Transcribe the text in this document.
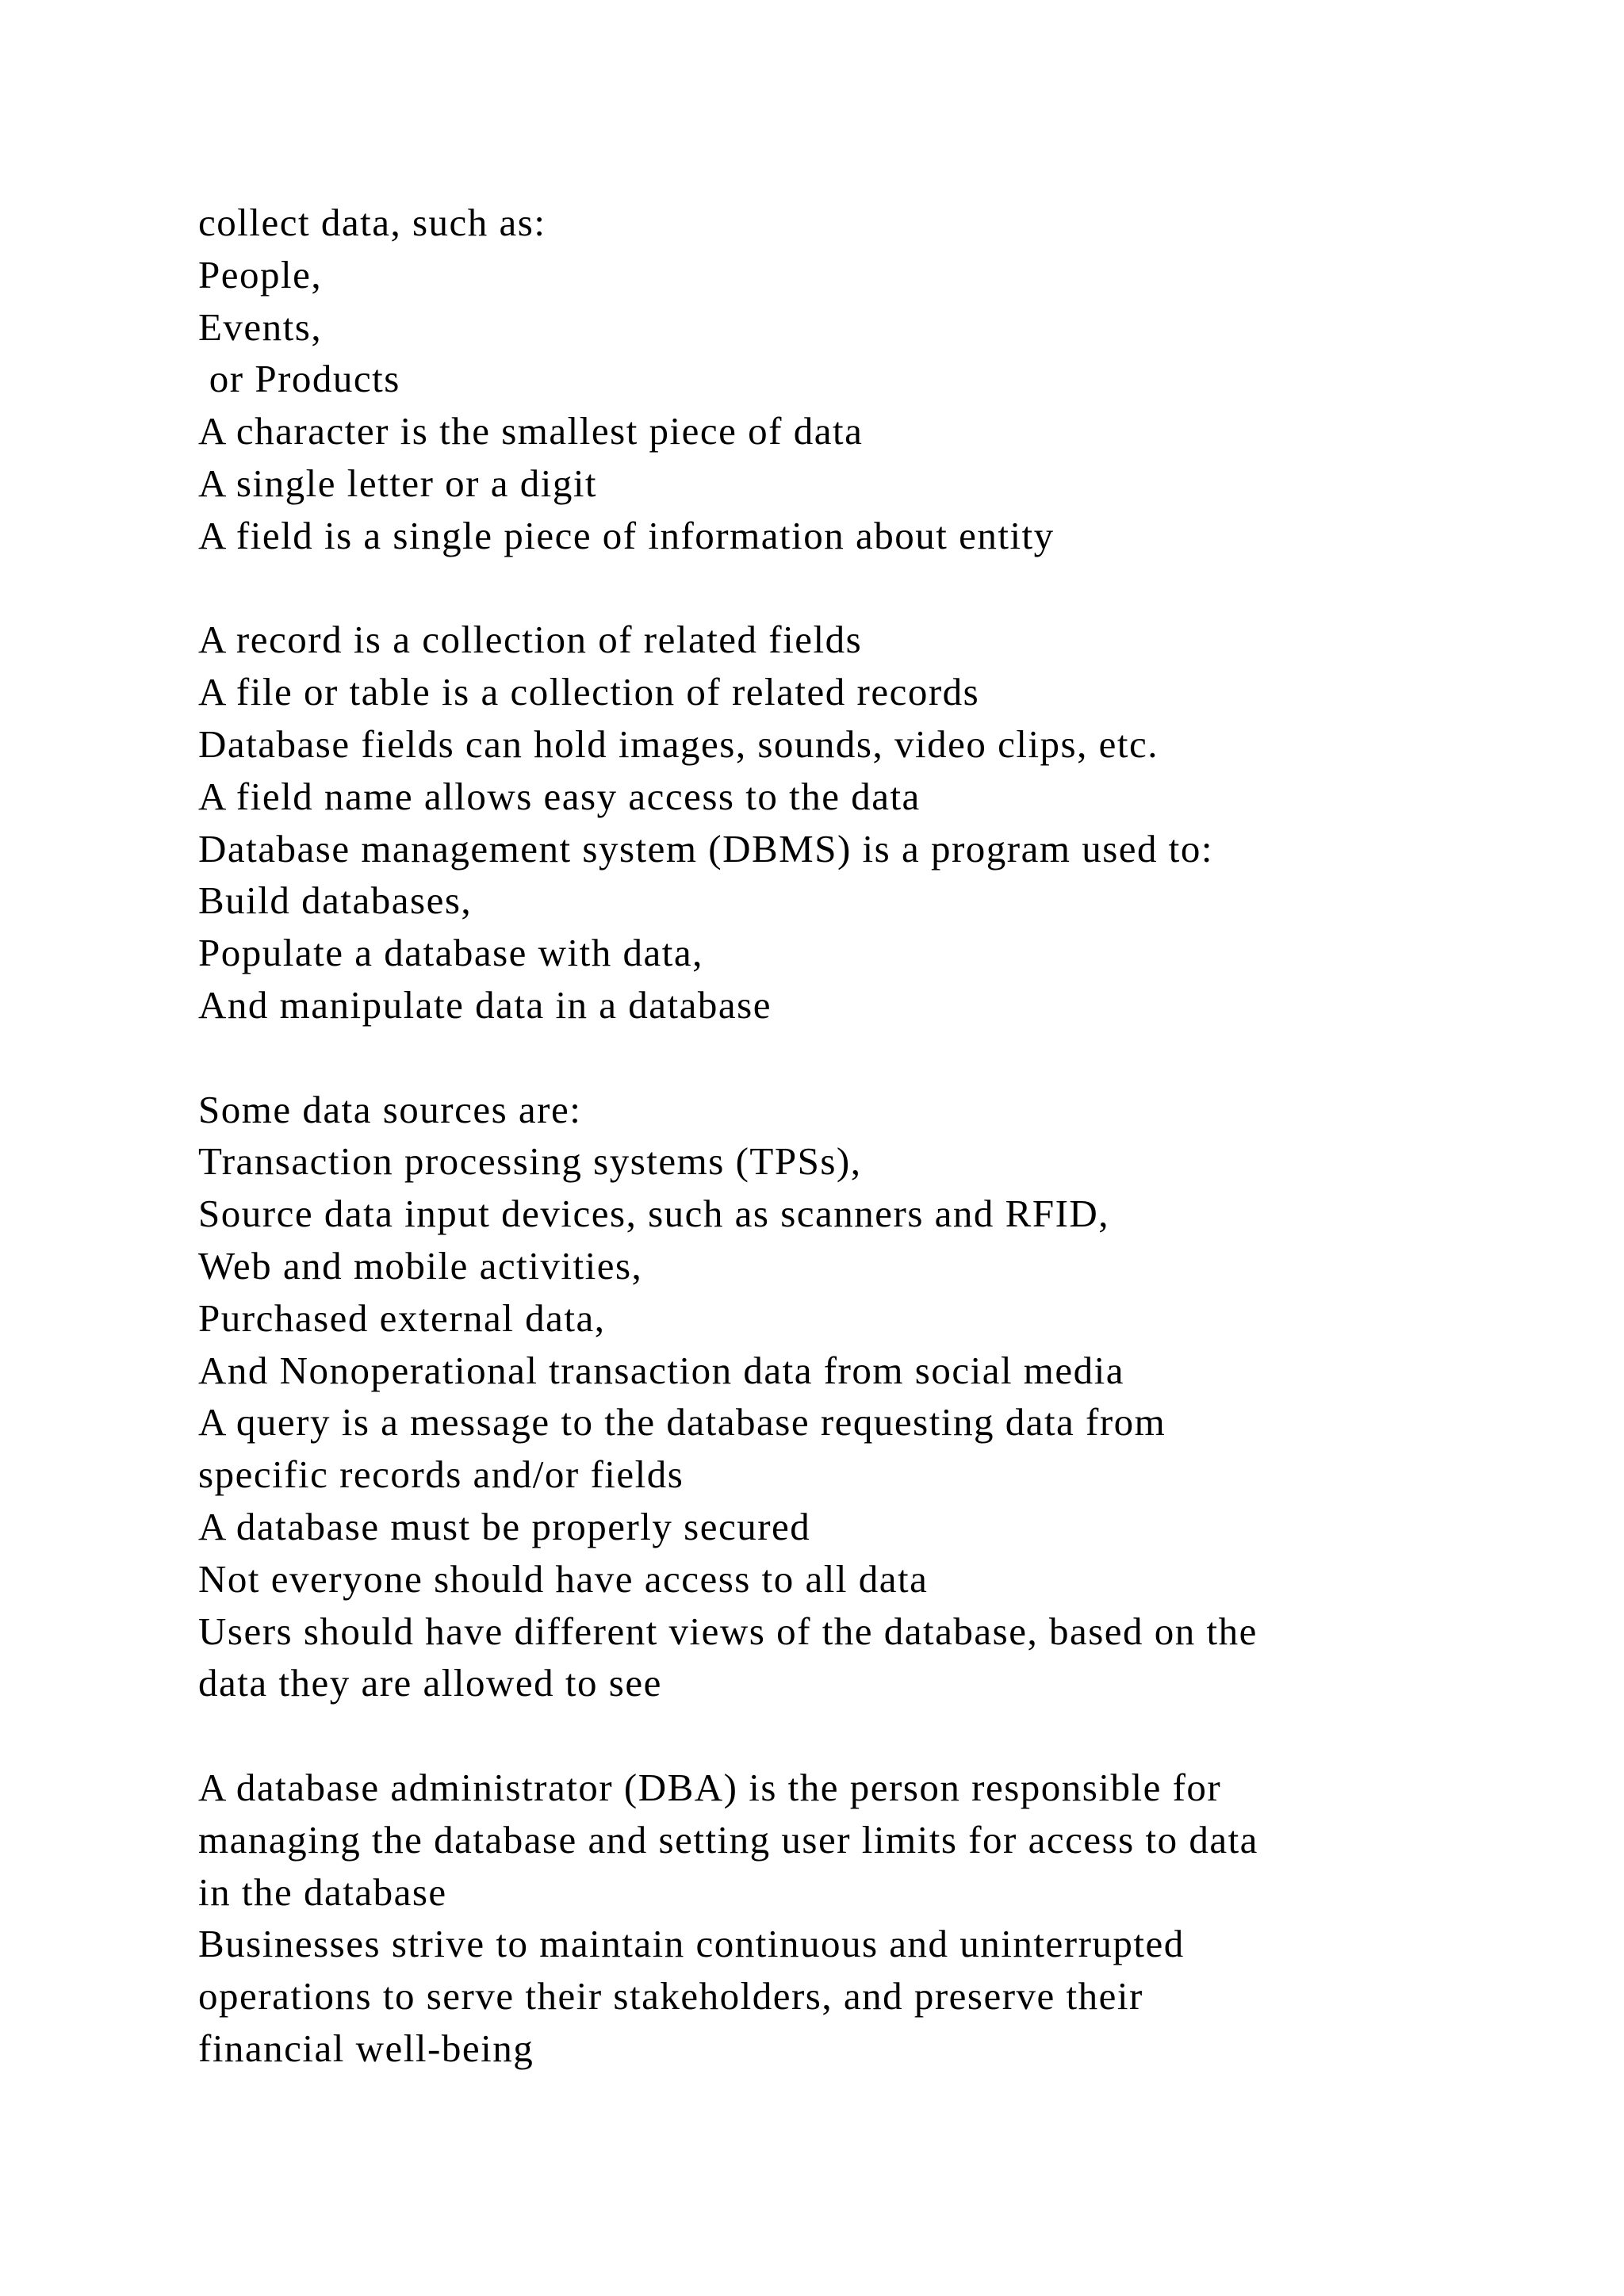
collect data, such as:
People,
Events,
or Products
A character is the smallest piece of data
A single letter or a digit
A field is a single piece of information about entity
A record is a collection of related fields
A file or table is a collection of related records
Database fields can hold images, sounds, video clips, etc.
A field name allows easy access to the data
Database management system (DBMS) is a program used to:
Build databases,
Populate a database with data,
And manipulate data in a database
Some data sources are:
Transaction processing systems (TPSs),
Source data input devices, such as scanners and RFID,
Web and mobile activities,
Purchased external data,
And Nonoperational transaction data from social media
A query is a message to the database requesting data from
specific records and/or fields
A database must be properly secured
Not everyone should have access to all data
Users should have different views of the database, based on the
data they are allowed to see
A database administrator (DBA) is the person responsible for
managing the database and setting user limits for access to data
in the database
Businesses strive to maintain continuous and uninterrupted
operations to serve their stakeholders, and preserve their
financial well-being
